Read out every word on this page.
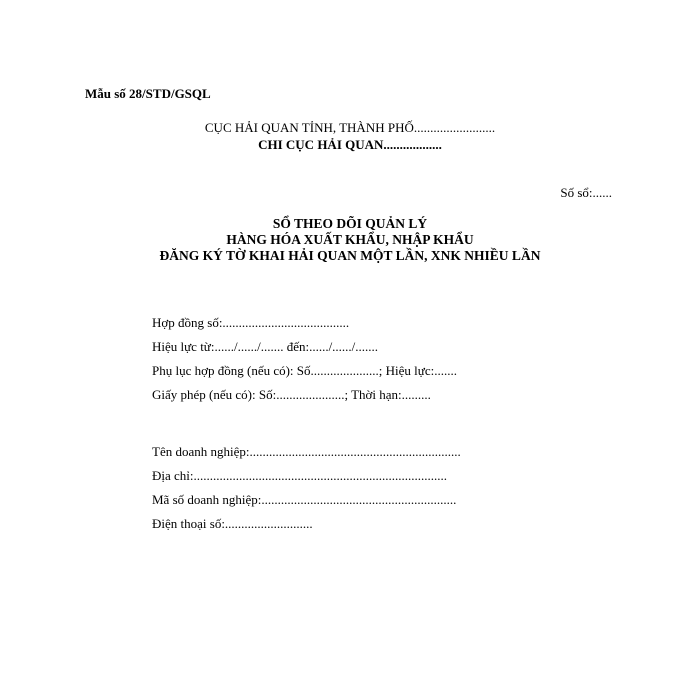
Mẫu số 28/STD/GSQL
CỤC HẢI QUAN TỈNH, THÀNH PHỐ.........................
CHI CỤC HẢI QUAN..................
Số sổ:......
SỔ THEO DÕI QUẢN LÝ
HÀNG HÓA XUẤT KHẨU, NHẬP KHẨU
ĐĂNG KÝ TỜ KHAI HẢI QUAN MỘT LẦN, XNK NHIỀU LẦN
Hợp đồng số:.......................................
Hiệu lực từ:....../....../....... đến:....../....../.......
Phụ lục hợp đồng (nếu có): Số.....................; Hiệu lực:.......
Giấy phép (nếu có): Số:.....................; Thời hạn:.........
Tên doanh nghiệp:.................................................................
Địa chỉ:..............................................................................
Mã số doanh nghiệp:............................................................
Điện thoại số:...........................
